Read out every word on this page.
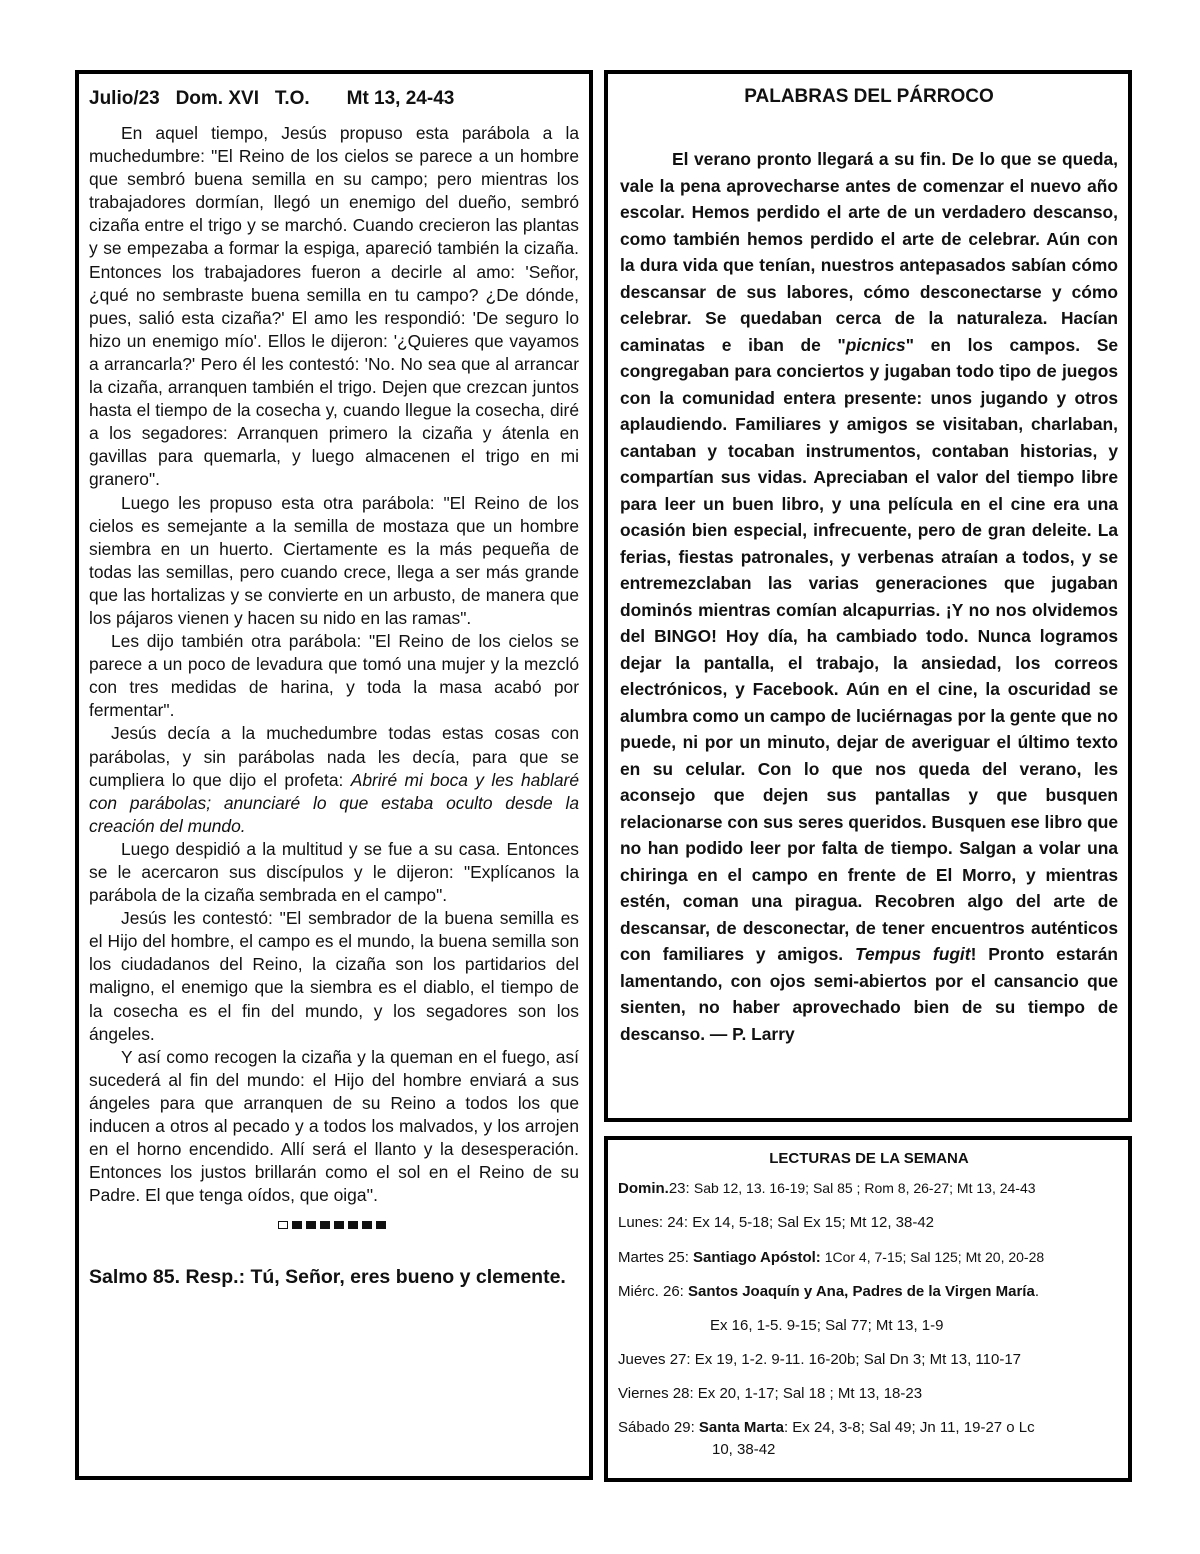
Julio/23   Dom. XVI   T.O.       Mt 13, 24-43

En aquel tiempo, Jesús propuso esta parábola a la muchedumbre: "El Reino de los cielos se parece a un hombre que sembró buena semilla en su campo; pero mientras los trabajadores dormían, llegó un enemigo del dueño, sembró cizaña entre el trigo y se marchó. Cuando crecieron las plantas y se empezaba a formar la espiga, apareció también la cizaña. Entonces los trabajadores fueron a decirle al amo: 'Señor, ¿qué no sembraste buena semilla en tu campo? ¿De dónde, pues, salió esta cizaña?' El amo les respondió: 'De seguro lo hizo un enemigo mío'. Ellos le dijeron: '¿Quieres que vayamos a arrancarla?' Pero él les contestó: 'No. No sea que al arrancar la cizaña, arranquen también el trigo. Dejen que crezcan juntos hasta el tiempo de la cosecha y, cuando llegue la cosecha, diré a los segadores: Arranquen primero la cizaña y átenla en gavillas para quemarla, y luego almacenen el trigo en mi granero".

Luego les propuso esta otra parábola: "El Reino de los cielos es semejante a la semilla de mostaza que un hombre siembra en un huerto. Ciertamente es la más pequeña de todas las semillas, pero cuando crece, llega a ser más grande que las hortalizas y se convierte en un arbusto, de manera que los pájaros vienen y hacen su nido en las ramas".

Les dijo también otra parábola: "El Reino de los cielos se parece a un poco de levadura que tomó una mujer y la mezcló con tres medidas de harina, y toda la masa acabó por fermentar".

Jesús decía a la muchedumbre todas estas cosas con parábolas, y sin parábolas nada les decía, para que se cumpliera lo que dijo el profeta: Abriré mi boca y les hablaré con parábolas; anunciaré lo que estaba oculto desde la creación del mundo.

Luego despidió a la multitud y se fue a su casa. Entonces se le acercaron sus discípulos y le dijeron: "Explícanos la parábola de la cizaña sembrada en el campo".

Jesús les contestó: "El sembrador de la buena semilla es el Hijo del hombre, el campo es el mundo, la buena semilla son los ciudadanos del Reino, la cizaña son los partidarios del maligno, el enemigo que la siembra es el diablo, el tiempo de la cosecha es el fin del mundo, y los segadores son los ángeles.

Y así como recogen la cizaña y la queman en el fuego, así sucederá al fin del mundo: el Hijo del hombre enviará a sus ángeles para que arranquen de su Reino a todos los que inducen a otros al pecado y a todos los malvados, y los arrojen en el horno encendido. Allí será el llanto y la desesperación. Entonces los justos brillarán como el sol en el Reino de su Padre. El que tenga oídos, que oiga''.

Salmo 85. Resp.: Tú, Señor, eres bueno y clemente.
PALABRAS DEL PÁRROCO

El verano pronto llegará a su fin. De lo que se queda, vale la pena aprovecharse antes de comenzar el nuevo año escolar. Hemos perdido el arte de un verdadero descanso, como también hemos perdido el arte de celebrar. Aún con la dura vida que tenían, nuestros antepasados sabían cómo descansar de sus labores, cómo desconectarse y cómo celebrar. Se quedaban cerca de la naturaleza. Hacían caminatas e iban de "picnics" en los campos. Se congregaban para conciertos y jugaban todo tipo de juegos con la comunidad entera presente: unos jugando y otros aplaudiendo. Familiares y amigos se visitaban, charlaban, cantaban y tocaban instrumentos, contaban historias, y compartían sus vidas. Apreciaban el valor del tiempo libre para leer un buen libro, y una película en el cine era una ocasión bien especial, infrecuente, pero de gran deleite. La ferias, fiestas patronales, y verbenas atraían a todos, y se entremezclaban las varias generaciones que jugaban dominós mientras comían alcapurrias. ¡Y no nos olvidemos del BINGO! Hoy día, ha cambiado todo. Nunca logramos dejar la pantalla, el trabajo, la ansiedad, los correos electrónicos, y Facebook. Aún en el cine, la oscuridad se alumbra como un campo de luciérnagas por la gente que no puede, ni por un minuto, dejar de averiguar el último texto en su celular. Con lo que nos queda del verano, les aconsejo que dejen sus pantallas y que busquen relacionarse con sus seres queridos. Busquen ese libro que no han podido leer por falta de tiempo. Salgan a volar una chiringa en el campo en frente de El Morro, y mientras estén, coman una piragua. Recobren algo del arte de descansar, de desconectar, de tener encuentros auténticos con familiares y amigos. Tempus fugit! Pronto estarán lamentando, con ojos semi-abiertos por el cansancio que sienten, no haber aprovechado bien de su tiempo de descanso. — P. Larry

LECTURAS DE LA SEMANA
Domin.23: Sab 12, 13. 16-19; Sal 85 ; Rom 8, 26-27; Mt 13, 24-43
Lunes: 24: Ex 14, 5-18; Sal Ex 15; Mt 12, 38-42
Martes 25: Santiago Apóstol: 1Cor 4, 7-15; Sal 125; Mt 20, 20-28
Miérc. 26: Santos Joaquín y Ana, Padres de la Virgen María.
Ex 16, 1-5. 9-15; Sal 77; Mt 13, 1-9
Jueves 27: Ex 19, 1-2. 9-11. 16-20b; Sal Dn 3; Mt 13, 110-17
Viernes 28: Ex 20, 1-17; Sal 18 ; Mt 13, 18-23
Sábado 29: Santa Marta: Ex 24, 3-8; Sal 49; Jn 11, 19-27 o Lc
10, 38-42
